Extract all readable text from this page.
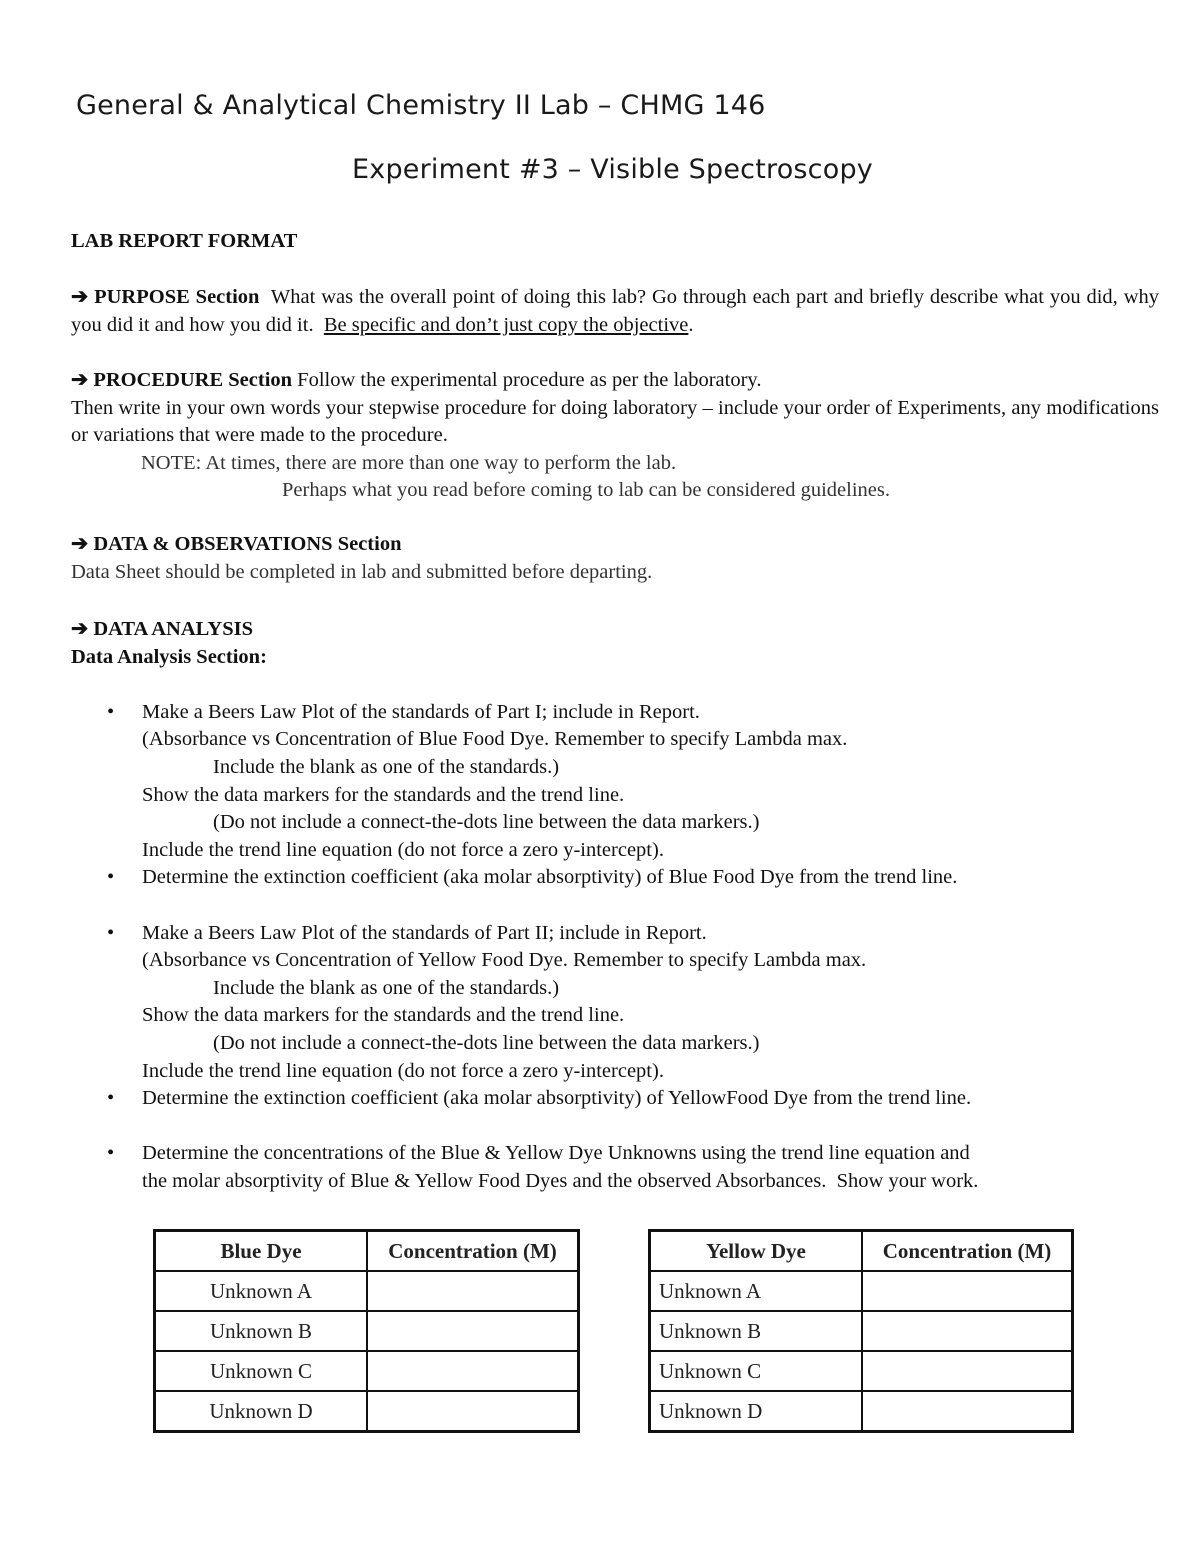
General & Analytical Chemistry II Lab – CHMG 146
Experiment #3 – Visible Spectroscopy
LAB REPORT FORMAT
➔ PURPOSE Section What was the overall point of doing this lab? Go through each part and briefly describe what you did, why you did it and how you did it. Be specific and don’t just copy the objective.
➔ PROCEDURE Section Follow the experimental procedure as per the laboratory.
Then write in your own words your stepwise procedure for doing laboratory – include your order of Experiments, any modifications or variations that were made to the procedure.
NOTE: At times, there are more than one way to perform the lab.
Perhaps what you read before coming to lab can be considered guidelines.
➔ DATA & OBSERVATIONS Section
Data Sheet should be completed in lab and submitted before departing.
➔ DATA ANALYSIS
Data Analysis Section:
• Make a Beers Law Plot of the standards of Part I; include in Report.
(Absorbance vs Concentration of Blue Food Dye. Remember to specify Lambda max.
Include the blank as one of the standards.)
Show the data markers for the standards and the trend line.
(Do not include a connect-the-dots line between the data markers.)
Include the trend line equation (do not force a zero y-intercept).
• Determine the extinction coefficient (aka molar absorptivity) of Blue Food Dye from the trend line.
• Make a Beers Law Plot of the standards of Part II; include in Report.
(Absorbance vs Concentration of Yellow Food Dye. Remember to specify Lambda max.
Include the blank as one of the standards.)
Show the data markers for the standards and the trend line.
(Do not include a connect-the-dots line between the data markers.)
Include the trend line equation (do not force a zero y-intercept).
• Determine the extinction coefficient (aka molar absorptivity) of YellowFood Dye from the trend line.
• Determine the concentrations of the Blue & Yellow Dye Unknowns using the trend line equation and
the molar absorptivity of Blue & Yellow Food Dyes and the observed Absorbances. Show your work.
Blue Dye	Concentration (M)
Unknown A	
Unknown B	
Unknown C	
Unknown D	
Yellow Dye	Concentration (M)
Unknown A	
Unknown B	
Unknown C	
Unknown D	
